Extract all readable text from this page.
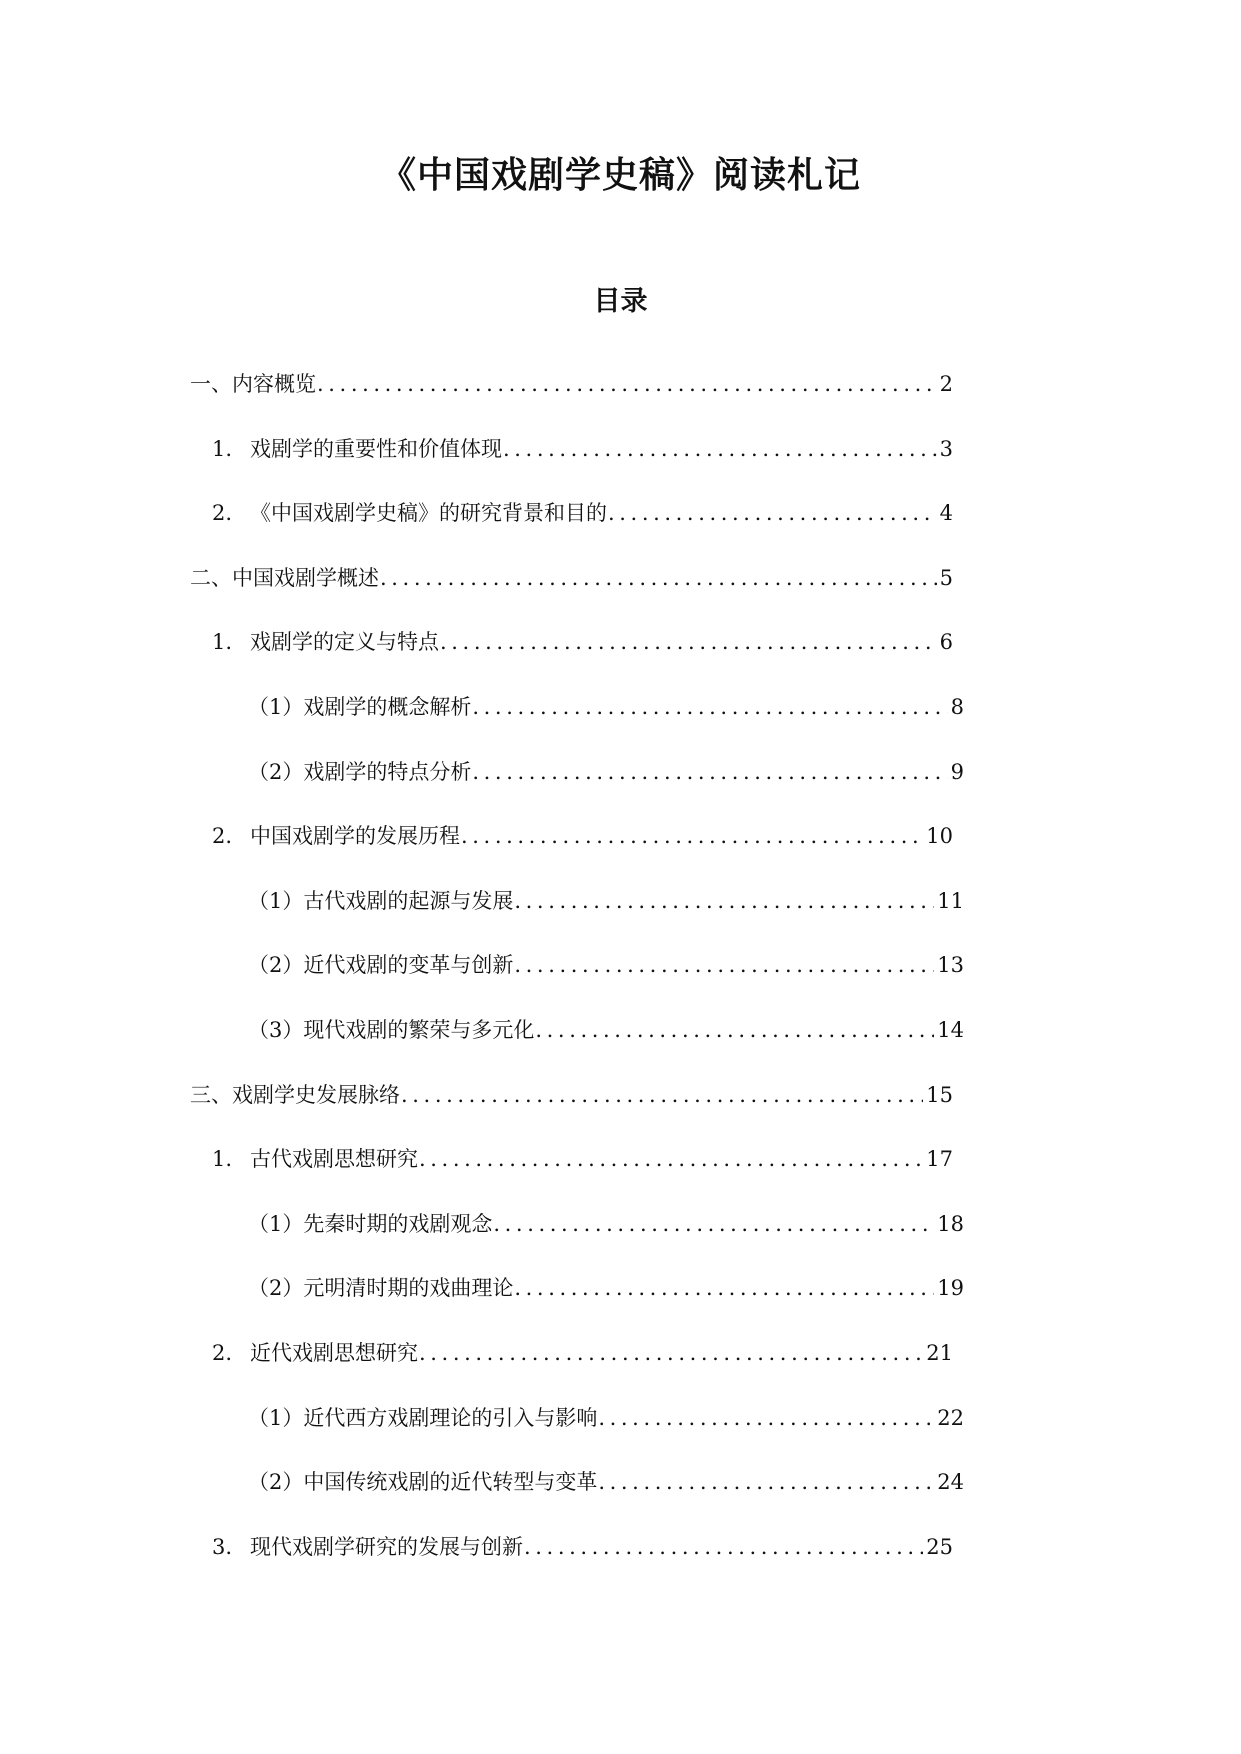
《中国戏剧学史稿》阅读札记
目录
一、内容概览 .....	2
1. 戏剧学的重要性和价值体现 .....	3
2. 《中国戏剧学史稿》的研究背景和目的 .....	4
二、中国戏剧学概述 .....	5
1. 戏剧学的定义与特点 .....	6
（1）戏剧学的概念解析 .....	8
（2）戏剧学的特点分析 .....	9
2. 中国戏剧学的发展历程 .....	10
（1）古代戏剧的起源与发展 .....	11
（2）近代戏剧的变革与创新 .....	13
（3）现代戏剧的繁荣与多元化 .....	14
三、戏剧学史发展脉络 .....	15
1. 古代戏剧思想研究 .....	17
（1）先秦时期的戏剧观念 .....	18
（2）元明清时期的戏曲理论 .....	19
2. 近代戏剧思想研究 .....	21
（1）近代西方戏剧理论的引入与影响 .....	22
（2）中国传统戏剧的近代转型与变革 .....	24
3. 现代戏剧学研究的发展与创新 .....	25
